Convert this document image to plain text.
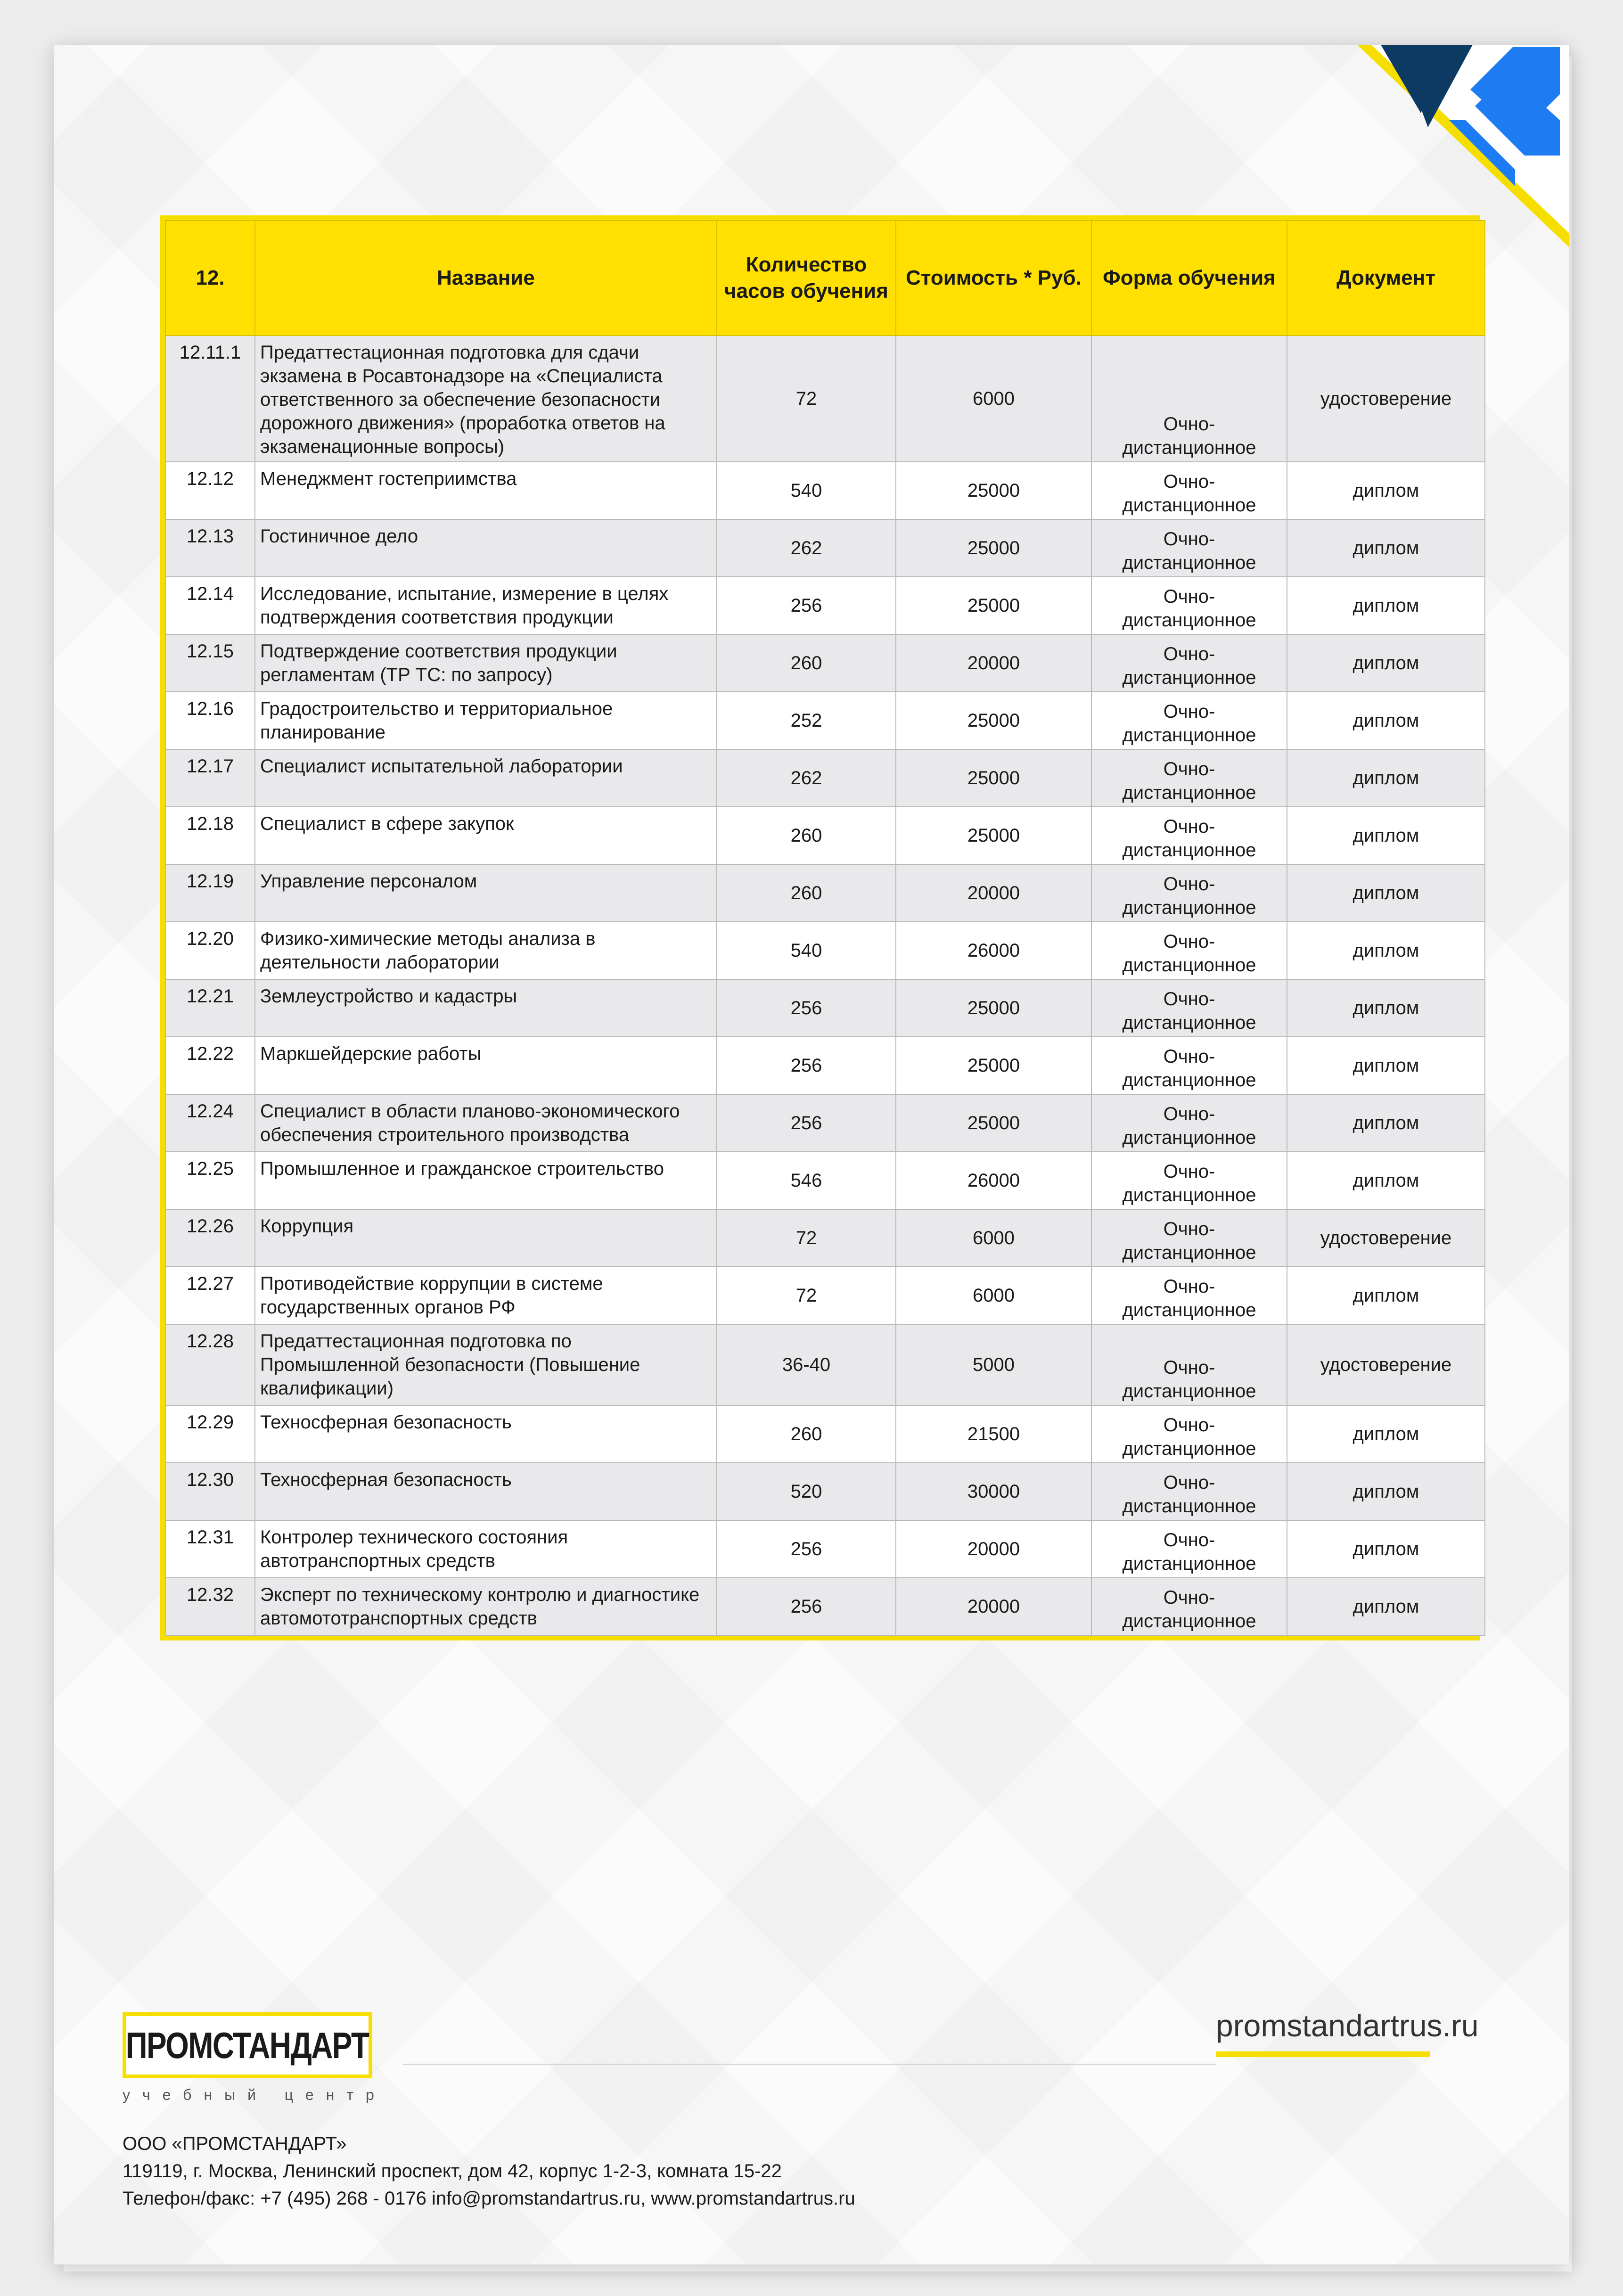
12.	Название	Количество часов обучения	Стоимость * Руб.	Форма обучения	Документ
12.11.1	Предаттестационная подготовка для сдачи экзамена в Росавтонадзоре на «Специалиста ответственного за обеспечение безопасности дорожного движения» (проработка ответов на экзаменационные вопросы)	72	6000	Очно-дистанционное	удостоверение
12.12	Менеджмент гостеприимства	540	25000	Очно-дистанционное	диплом
12.13	Гостиничное дело	262	25000	Очно-дистанционное	диплом
12.14	Исследование, испытание, измерение в целях подтверждения соответствия продукции	256	25000	Очно-дистанционное	диплом
12.15	Подтверждение соответствия продукции регламентам (ТР ТС: по запросу)	260	20000	Очно-дистанционное	диплом
12.16	Градостроительство и территориальное планирование	252	25000	Очно-дистанционное	диплом
12.17	Специалист испытательной лаборатории	262	25000	Очно-дистанционное	диплом
12.18	Специалист в сфере закупок	260	25000	Очно-дистанционное	диплом
12.19	Управление персоналом	260	20000	Очно-дистанционное	диплом
12.20	Физико-химические методы анализа в деятельности лаборатории	540	26000	Очно-дистанционное	диплом
12.21	Землеустройство и кадастры	256	25000	Очно-дистанционное	диплом
12.22	Маркшейдерские работы	256	25000	Очно-дистанционное	диплом
12.24	Специалист в области планово-экономического обеспечения строительного производства	256	25000	Очно-дистанционное	диплом
12.25	Промышленное и гражданское строительство	546	26000	Очно-дистанционное	диплом
12.26	Коррупция	72	6000	Очно-дистанционное	удостоверение
12.27	Противодействие коррупции в системе государственных органов РФ	72	6000	Очно-дистанционное	диплом
12.28	Предаттестационная подготовка по Промышленной безопасности (Повышение квалификации)	36-40	5000	Очно-дистанционное	удостоверение
12.29	Техносферная безопасность	260	21500	Очно-дистанционное	диплом
12.30	Техносферная безопасность	520	30000	Очно-дистанционное	диплом
12.31	Контролер технического состояния автотранспортных средств	256	20000	Очно-дистанционное	диплом
12.32	Эксперт по техническому контролю и диагностике автомототранспортных средств	256	20000	Очно-дистанционное	диплом
promstandartrus.ru
ПРОМСТАНДАРТ
учебный центр
ООО «ПРОМСТАНДАРТ»
119119, г. Москва, Ленинский проспект, дом 42, корпус 1-2-3, комната 15-22
Телефон/факс: +7 (495) 268 - 0176 info@promstandartrus.ru, www.promstandartrus.ru
